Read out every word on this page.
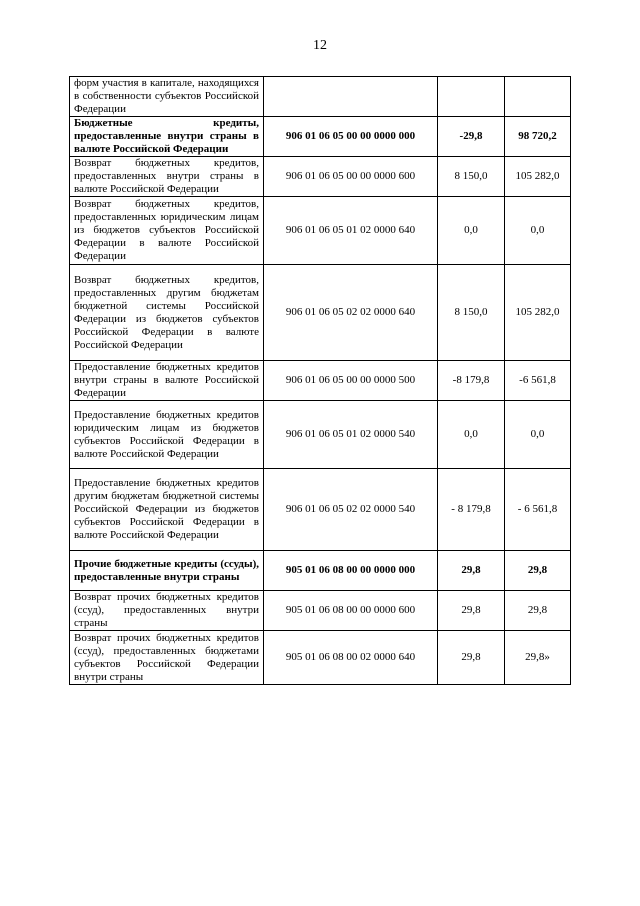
12
форм участия в капитале, находящихся в собственности субъектов Российской Федерации			
Бюджетные кредиты, предоставленные внутри страны в валюте Российской Федерации	906 01 06 05 00 00 0000 000	-29,8	98 720,2
Возврат бюджетных кредитов, предоставленных внутри страны в валюте Российской Федерации	906 01 06 05 00 00 0000 600	8 150,0	105 282,0
Возврат бюджетных кредитов, предоставленных юридическим лицам из бюджетов субъектов Российской Федерации в валюте Российской Федерации	906 01 06 05 01 02 0000 640	0,0	0,0
Возврат бюджетных кредитов, предоставленных другим бюджетам бюджетной системы Российской Федерации из бюджетов субъектов Российской Федерации в валюте Российской Федерации	906 01 06 05 02 02 0000 640	8 150,0	105 282,0
Предоставление бюджетных кредитов внутри страны в валюте Российской Федерации	906 01 06 05 00 00 0000 500	-8 179,8	-6 561,8
Предоставление бюджетных кредитов юридическим лицам из бюджетов субъектов Российской Федерации в валюте Российской Федерации	906 01 06 05 01 02 0000 540	0,0	0,0
Предоставление бюджетных кредитов другим бюджетам бюджетной системы Российской Федерации из бюджетов субъектов Российской Федерации в валюте Российской Федерации	906 01 06 05 02 02 0000 540	- 8 179,8	- 6 561,8
Прочие бюджетные кредиты (ссуды), предоставленные внутри страны	905 01 06 08 00 00 0000 000	29,8	29,8
Возврат прочих бюджетных кредитов (ссуд), предоставленных внутри страны	905 01 06 08 00 00 0000 600	29,8	29,8
Возврат прочих бюджетных кредитов (ссуд), предоставленных бюджетами субъектов Российской Федерации внутри страны	905 01 06 08 00 02 0000 640	29,8	29,8»
